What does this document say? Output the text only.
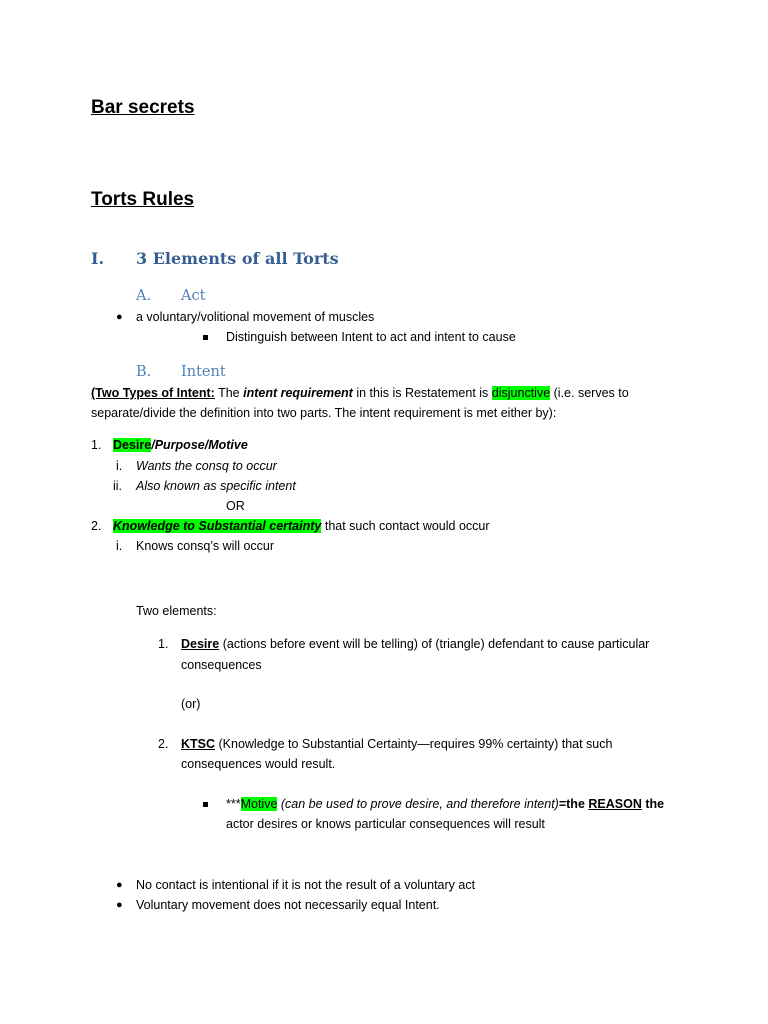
Bar secrets
Torts Rules
I. 3 Elements of all Torts
A. Act
● a voluntary/volitional movement of muscles
Distinguish between Intent to act and intent to cause
B. Intent
(Two Types of Intent: The intent requirement in this is Restatement is disjunctive (i.e. serves to
separate/divide the definition into two parts. The intent requirement is met either by):
1. Desire/Purpose/Motive
i. Wants the consq to occur
ii. Also known as specific intent
OR
2. Knowledge to Substantial certainty that such contact would occur
i. Knows consq’s will occur
Two elements:
1. Desire (actions before event will be telling) of (triangle) defendant to cause particular
consequences
(or)
2. KTSC (Knowledge to Substantial Certainty—requires 99% certainty) that such
consequences would result.
***Motive (can be used to prove desire, and therefore intent)=the REASON the
actor desires or knows particular consequences will result
● No contact is intentional if it is not the result of a voluntary act
● Voluntary movement does not necessarily equal Intent.
